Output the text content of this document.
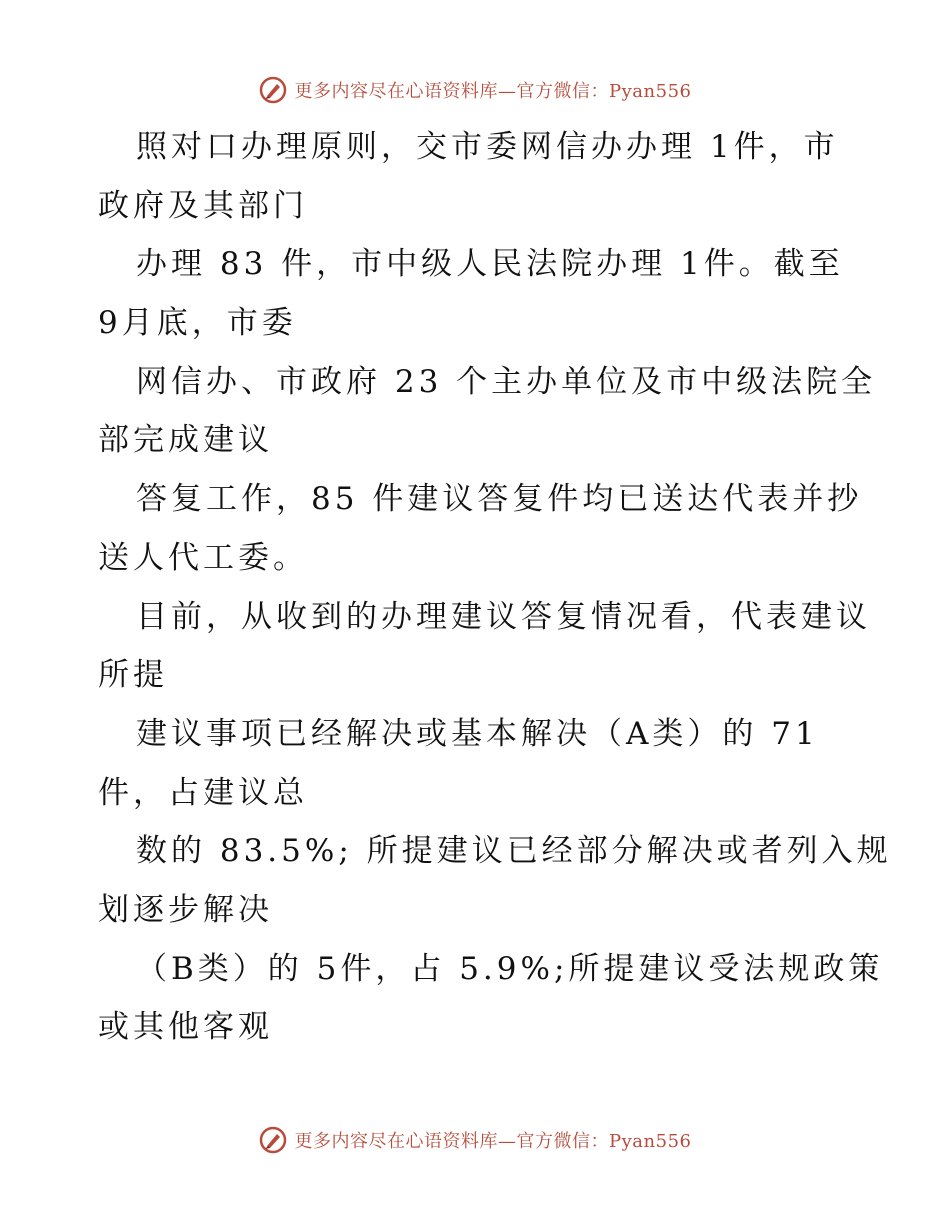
更多内容尽在心语资料库—官方微信：Pyan556
照对口办理原则，交市委网信办办理 1件，市
政府及其部门
办理 83 件，市中级人民法院办理 1件。截至
9月底，市委
网信办、市政府 23 个主办单位及市中级法院全
部完成建议
答复工作，85 件建议答复件均已送达代表并抄
送人代工委。
目前，从收到的办理建议答复情况看，代表建议
所提
建议事项已经解决或基本解决（A类）的 71
件，占建议总
数的 83.5%; 所提建议已经部分解决或者列入规
划逐步解决
（B类）的 5件，占 5.9%;所提建议受法规政策
或其他客观
更多内容尽在心语资料库—官方微信：Pyan556
